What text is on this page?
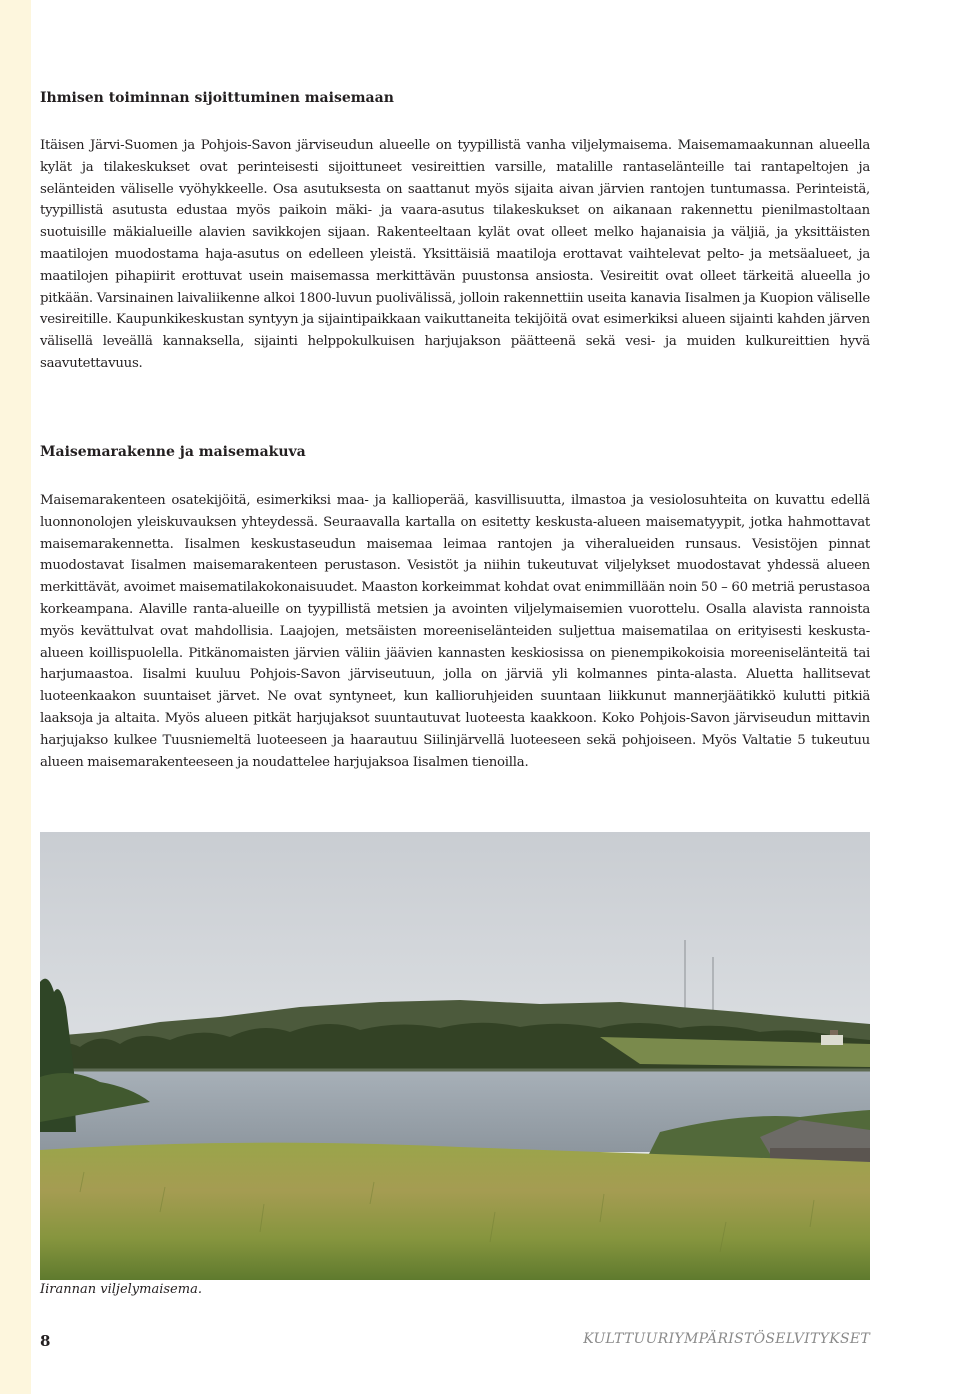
Ihmisen toiminnan sijoittuminen maisemaan

Itäisen Järvi-Suomen ja Pohjois-Savon järviseudun alueelle on tyypillistä vanha viljelymaisema. Maisemamaakunnan alueella kylät ja tilakeskukset ovat perinteisesti sijoittuneet vesireittien varsille, matalille rantaselänteille tai rantapeltojen ja selänteiden väliselle vyöhykkeelle. Osa asutuksesta on saattanut myös sijaita aivan järvien rantojen tuntumassa. Perinteistä, tyypillistä asutusta edustaa myös paikoin mäki- ja vaara-asutus tilakeskukset on aikanaan rakennettu pienilmastoltaan suotuisille mäkialueille alavien savikkojen sijaan. Rakenteeltaan kylät ovat olleet melko hajanaisia ja väljiä, ja yksittäisten maatilojen muodostama haja-asutus on edelleen yleistä. Yksittäisiä maatiloja erottavat vaihtelevat pelto- ja metsäalueet, ja maatilojen pihapiirit erottuvat usein maisemassa merkittävän puustonsa ansiosta. Vesireitit ovat olleet tärkeitä alueella jo pitkään. Varsinainen laivaliikenne alkoi 1800-luvun puolivälissä, jolloin rakennettiin useita kanavia Iisalmen ja Kuopion väliselle vesireitille. Kaupunkikeskustan syntyyn ja sijaintipaikkaan vaikuttaneita tekijöitä ovat esimerkiksi alueen sijainti kahden järven välisellä leveällä kannaksella, sijainti helppokulkuisen harjujakson päätteenä sekä vesi- ja muiden kulkureittien hyvä saavutettavuus.

Maisemarakenne ja maisemakuva

Maisemarakenteen osatekijöitä, esimerkiksi maa- ja kallioperää, kasvillisuutta, ilmastoa ja vesiolosuhteita on kuvattu edellä luonnonolojen yleiskuvauksen yhteydessä. Seuraavalla kartalla on esitetty keskusta-alueen maisematyypit, jotka hahmottavat maisemarakennetta. Iisalmen keskustaseudun maisemaa leimaa rantojen ja viheralueiden runsaus. Vesistöjen pinnat muodostavat Iisalmen maisemarakenteen perustason. Vesistöt ja niihin tukeutuvat viljelykset muodostavat yhdessä alueen merkittävät, avoimet maisematilakokonaisuudet. Maaston korkeimmat kohdat ovat enimmillään noin 50 – 60 metriä perustasoa korkeampana. Alaville ranta-alueille on tyypillistä metsien ja avointen viljelymaisemien vuorottelu. Osalla alavista rannoista myös kevättulvat ovat mahdollisia. Laajojen, metsäisten moreeniselänteiden suljettua maisematilaa on erityisesti keskusta-alueen koillispuolella. Pitkänomaisten järvien väliin jäävien kannasten keskiosissa on pienempikokoisia moreeniselänteitä tai harjumaastoa. Iisalmi kuuluu Pohjois-Savon järviseutuun, jolla on järviä yli kolmannes pinta-alasta. Aluetta hallitsevat luoteenkaakon suuntaiset järvet. Ne ovat syntyneet, kun kallioruhjeiden suuntaan liikkunut mannerjäätikkö kulutti pitkiä laaksoja ja altaita. Myös alueen pitkät harjujaksot suuntautuvat luoteesta kaakkoon. Koko Pohjois-Savon järviseudun mittavin harjujakso kulkee Tuusniemeltä luoteeseen ja haarautuu Siilinjärvellä luoteeseen sekä pohjoiseen. Myös Valtatie 5 tukeutuu alueen maisemarakenteeseen ja noudattelee harjujaksoa Iisalmen tienoilla.

Iirannan viljelymaisema.
8	KULTTUURIYMPÄRISTÖSELVITYKSET
